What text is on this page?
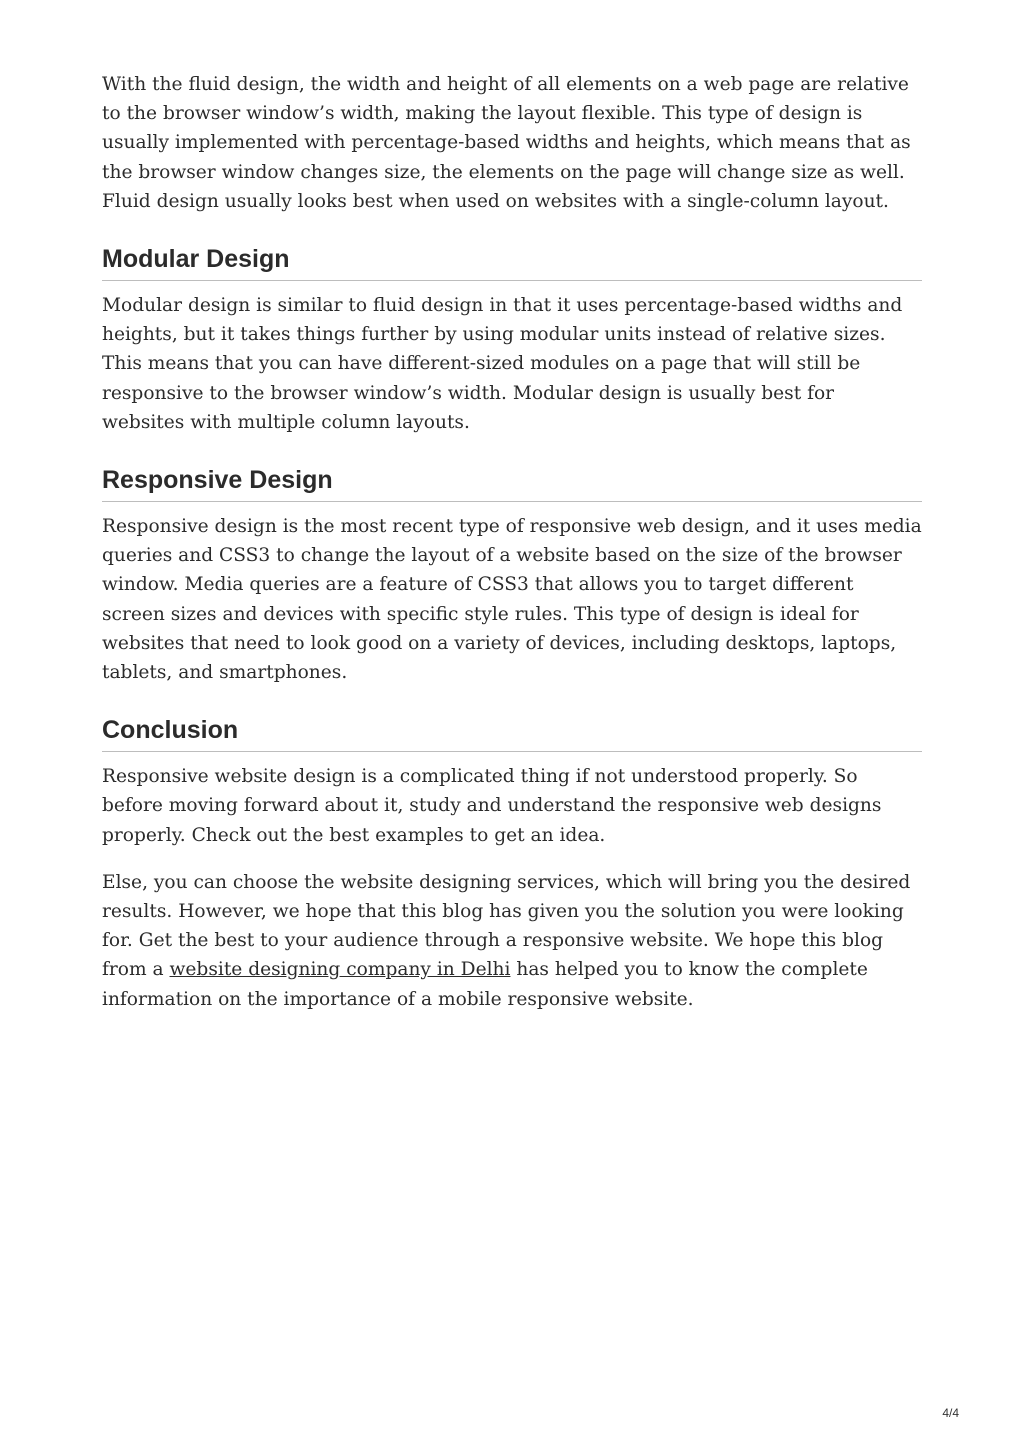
With the fluid design, the width and height of all elements on a web page are relative to the browser window’s width, making the layout flexible. This type of design is usually implemented with percentage-based widths and heights, which means that as the browser window changes size, the elements on the page will change size as well. Fluid design usually looks best when used on websites with a single-column layout.

Modular Design

Modular design is similar to fluid design in that it uses percentage-based widths and heights, but it takes things further by using modular units instead of relative sizes. This means that you can have different-sized modules on a page that will still be responsive to the browser window’s width. Modular design is usually best for websites with multiple column layouts.

Responsive Design

Responsive design is the most recent type of responsive web design, and it uses media queries and CSS3 to change the layout of a website based on the size of the browser window. Media queries are a feature of CSS3 that allows you to target different screen sizes and devices with specific style rules. This type of design is ideal for websites that need to look good on a variety of devices, including desktops, laptops, tablets, and smartphones.

Conclusion

Responsive website design is a complicated thing if not understood properly. So before moving forward about it, study and understand the responsive web designs properly. Check out the best examples to get an idea.

Else, you can choose the website designing services, which will bring you the desired results. However, we hope that this blog has given you the solution you were looking for. Get the best to your audience through a responsive website. We hope this blog from a website designing company in Delhi has helped you to know the complete information on the importance of a mobile responsive website.

4/4
